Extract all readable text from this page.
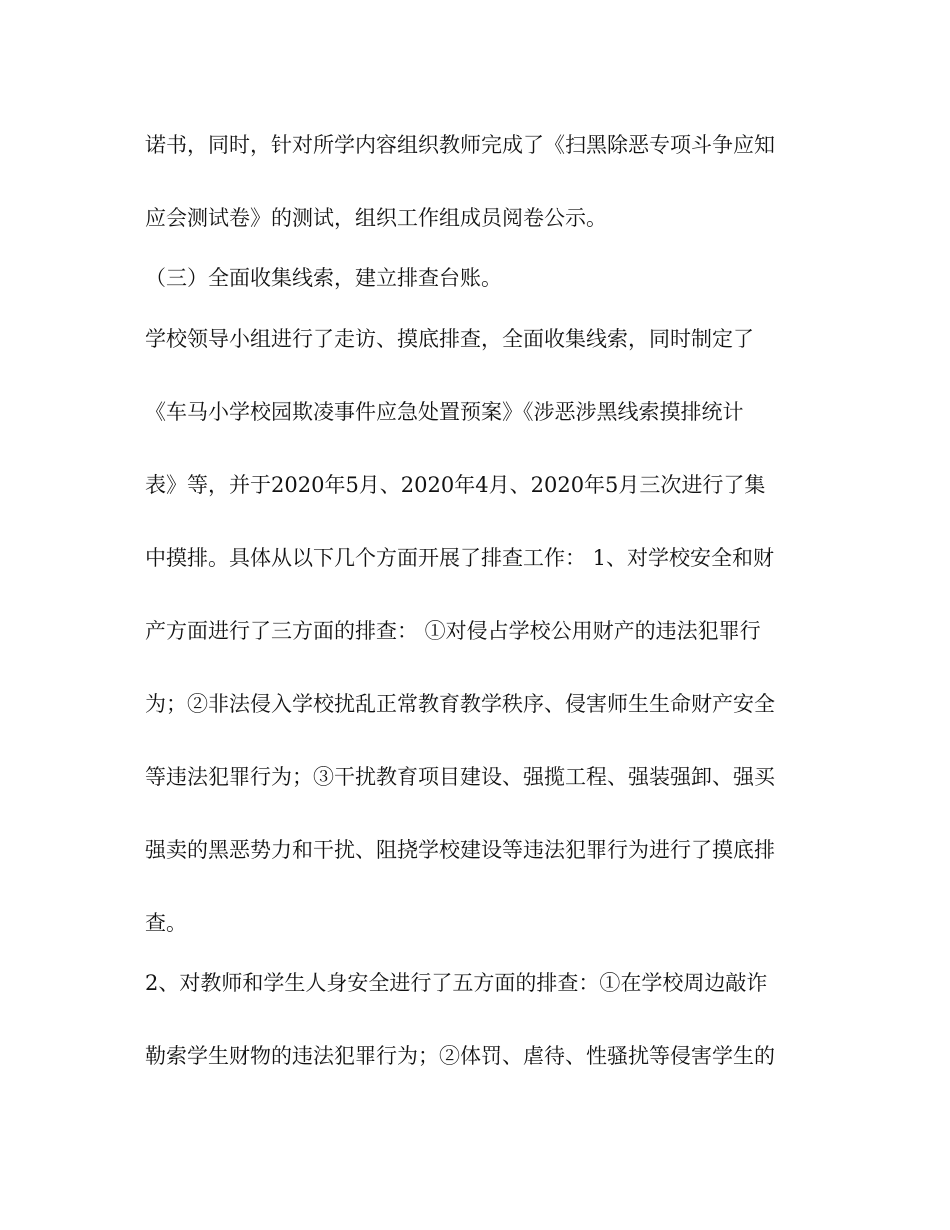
诺书，同时，针对所学内容组织教师完成了《扫黑除恶专项斗争应知
应会测试卷》的测试，组织工作组成员阅卷公示。
（三）全面收集线索，建立排查台账。
学校领导小组进行了走访、摸底排查，全面收集线索，同时制定了
《车马小学校园欺凌事件应急处置预案》《涉恶涉黑线索摸排统计
表》等，并于2020年5月、2020年4月、2020年5月三次进行了集
中摸排。具体从以下几个方面开展了排查工作： 1、对学校安全和财
产方面进行了三方面的排查： ①对侵占学校公用财产的违法犯罪行
为；②非法侵入学校扰乱正常教育教学秩序、侵害师生生命财产安全
等违法犯罪行为；③干扰教育项目建设、强揽工程、强装强卸、强买
强卖的黑恶势力和干扰、阻挠学校建设等违法犯罪行为进行了摸底排
查。
2、对教师和学生人身安全进行了五方面的排查：①在学校周边敲诈
勒索学生财物的违法犯罪行为；②体罚、虐待、性骚扰等侵害学生的
